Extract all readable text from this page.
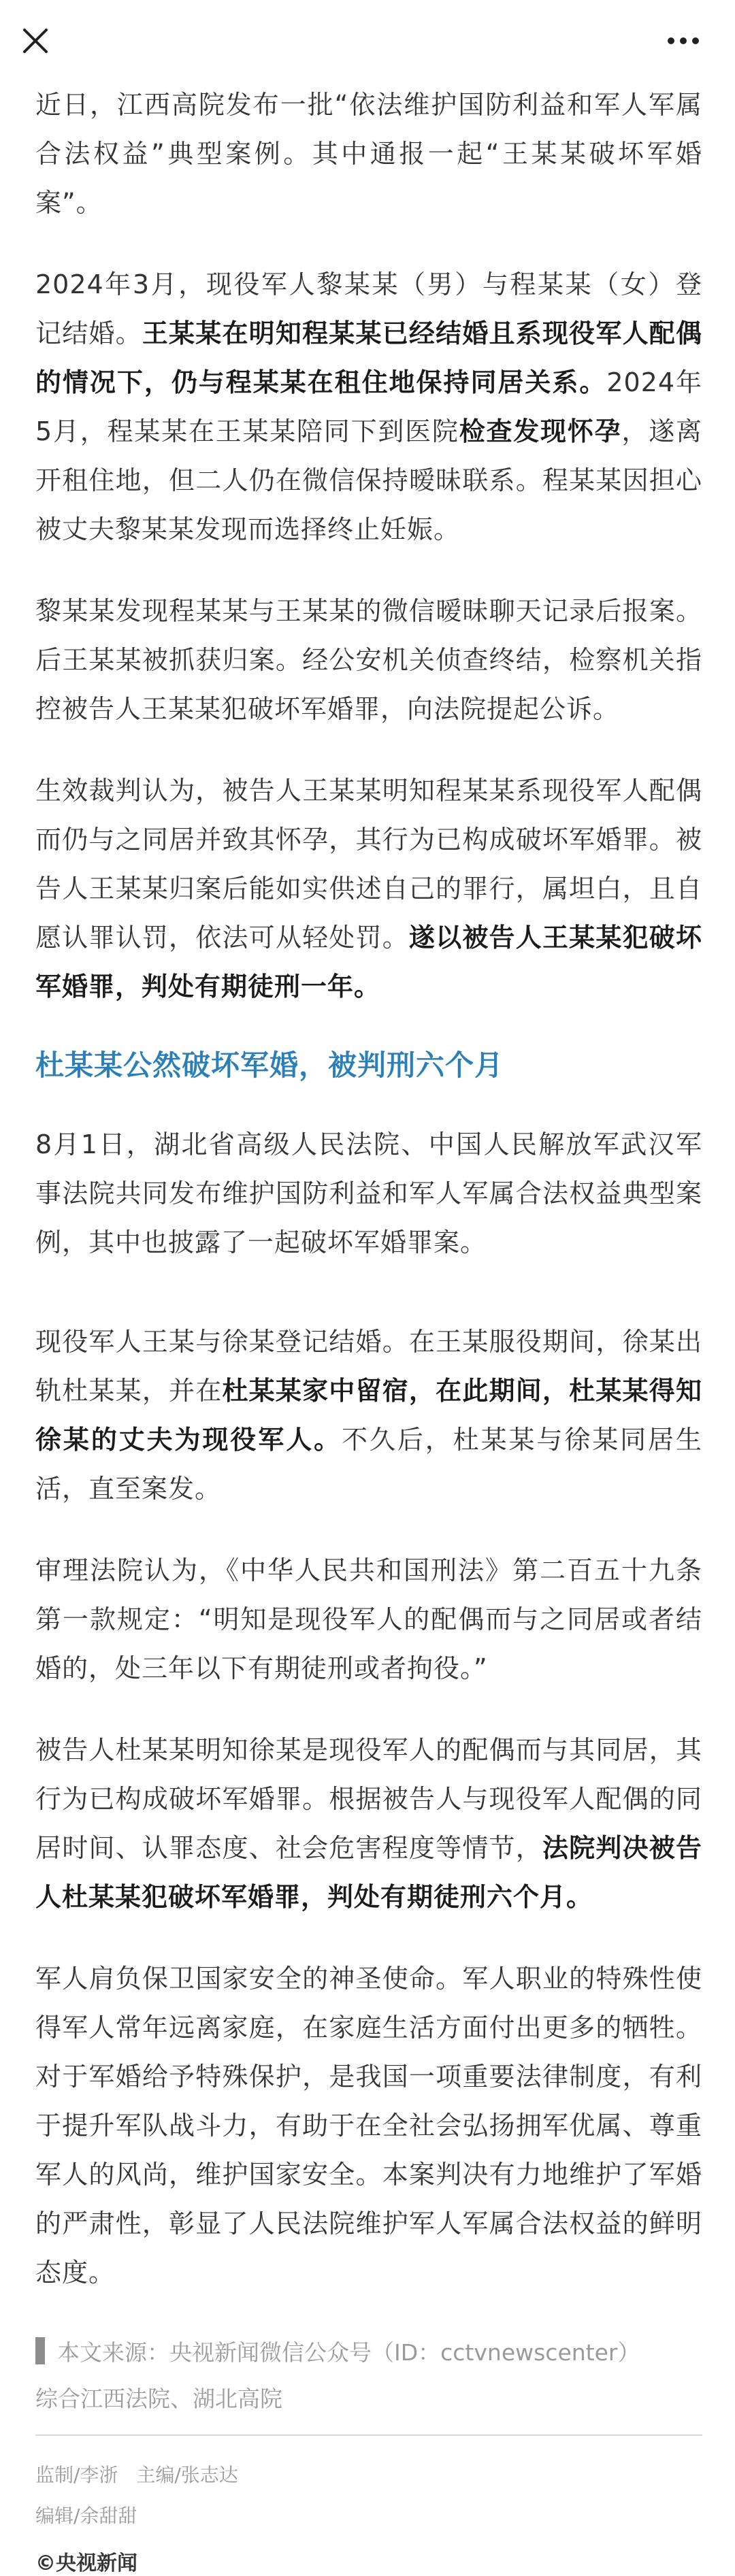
近日，江西高院发布一批“依法维护国防利益和军人军属合法权益”典型案例。其中通报一起“王某某破坏军婚案”。

2024年3月，现役军人黎某某（男）与程某某（女）登记结婚。王某某在明知程某某已经结婚且系现役军人配偶的情况下，仍与程某某在租住地保持同居关系。2024年5月，程某某在王某某陪同下到医院检查发现怀孕，遂离开租住地，但二人仍在微信保持暧昧联系。程某某因担心被丈夫黎某某发现而选择终止妊娠。

黎某某发现程某某与王某某的微信暧昧聊天记录后报案。后王某某被抓获归案。经公安机关侦查终结，检察机关指控被告人王某某犯破坏军婚罪，向法院提起公诉。

生效裁判认为，被告人王某某明知程某某系现役军人配偶而仍与之同居并致其怀孕，其行为已构成破坏军婚罪。被告人王某某归案后能如实供述自己的罪行，属坦白，且自愿认罪认罚，依法可从轻处罚。遂以被告人王某某犯破坏军婚罪，判处有期徒刑一年。

杜某某公然破坏军婚，被判刑六个月

8月1日，湖北省高级人民法院、中国人民解放军武汉军事法院共同发布维护国防利益和军人军属合法权益典型案例，其中也披露了一起破坏军婚罪案。

现役军人王某与徐某登记结婚。在王某服役期间，徐某出轨杜某某，并在杜某某家中留宿，在此期间，杜某某得知徐某的丈夫为现役军人。不久后，杜某某与徐某同居生活，直至案发。

审理法院认为，《中华人民共和国刑法》第二百五十九条第一款规定：“明知是现役军人的配偶而与之同居或者结婚的，处三年以下有期徒刑或者拘役。”

被告人杜某某明知徐某是现役军人的配偶而与其同居，其行为已构成破坏军婚罪。根据被告人与现役军人配偶的同居时间、认罪态度、社会危害程度等情节，法院判决被告人杜某某犯破坏军婚罪，判处有期徒刑六个月。

军人肩负保卫国家安全的神圣使命。军人职业的特殊性使得军人常年远离家庭，在家庭生活方面付出更多的牺牲。对于军婚给予特殊保护，是我国一项重要法律制度，有利于提升军队战斗力，有助于在全社会弘扬拥军优属、尊重军人的风尚，维护国家安全。本案判决有力地维护了军婚的严肃性，彰显了人民法院维护军人军属合法权益的鲜明态度。

本文来源：央视新闻微信公众号（ID：cctvnewscenter）
综合江西法院、湖北高院
监制/李浙 主编/张志达
编辑/余甜甜
©央视新闻
